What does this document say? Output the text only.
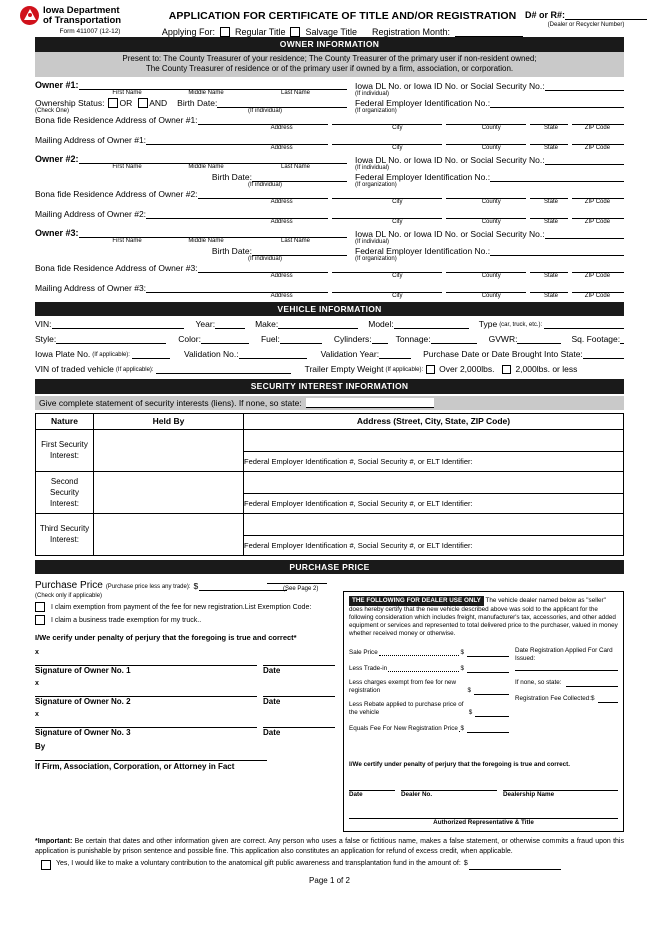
Iowa Department
of Transportation
Form 411007 (12-12)
APPLICATION FOR CERTIFICATE OF TITLE AND/OR REGISTRATION
Applying For: Regular Title Salvage Title Registration Month:
D# or R#:
(Dealer or Recycler Number)
OWNER INFORMATION
Present to: The County Treasurer of your residence; The County Treasurer of the primary user if non-resident owned;
The County Treasurer of residence or of the primary user if owned by a firm, association, or corporation.
Owner #1:
First Name	Middle Name	Last Name
Iowa DL No. or Iowa ID No. or Social Security No.:
(If individual)
Ownership Status: OR AND Birth Date:
(Check One)	(If individual)
Federal Employer Identification No.:
(If organization)
Bona fide Residence Address of Owner #1:
Address	City	County	State	ZIP Code
Mailing Address of Owner #1:
Address	City	County	State	ZIP Code
Owner #2:
First Name	Middle Name	Last Name
Iowa DL No. or Iowa ID No. or Social Security No.:
(If individual)
Birth Date:
(If individual)
Federal Employer Identification No.:
(If organization)
Bona fide Residence Address of Owner #2:
Address	City	County	State	ZIP Code
Mailing Address of Owner #2:
Address	City	County	State	ZIP Code
Owner #3:
First Name	Middle Name	Last Name
Iowa DL No. or Iowa ID No. or Social Security No.:
(If individual)
Birth Date:
(If individual)
Federal Employer Identification No.:
(If organization)
Bona fide Residence Address of Owner #3:
Address	City	County	State	ZIP Code
Mailing Address of Owner #3:
Address	City	County	State	ZIP Code
VEHICLE INFORMATION
VIN:	Year:	Make:	Model:	Type (car, truck, etc.):
Style:	Color:	Fuel:	Cylinders:	Tonnage:	GVWR:	Sq. Footage:
Iowa Plate No. (If applicable):	Validation No.:	Validation Year:	Purchase Date or Date Brought Into State:
VIN of traded vehicle (If applicable):	Trailer Empty Weight (If applicable): Over 2,000lbs. 2,000lbs. or less
SECURITY INTEREST INFORMATION
Give complete statement of security interests (liens). If none, so state:
Nature	Held By	Address (Street, City, State, ZIP Code)
First Security Interest:		
		Federal Employer Identification #, Social Security #, or ELT Identifier:
Second Security Interest:		
		Federal Employer Identification #, Social Security #, or ELT Identifier:
Third Security Interest:		
		Federal Employer Identification #, Social Security #, or ELT Identifier:
PURCHASE PRICE
Purchase Price (Purchase price less any trade): $
(Check only if applicable)
I claim exemption from payment of the fee for new registration.List Exemption Code:
I claim a business trade exemption for my truck..
I/We cerify under penalty of perjury that the foregoing is true and correct*
x
Signature of Owner No. 1	Date
x
Signature of Owner No. 2	Date
x
Signature of Owner No. 3	Date
By
If Firm, Association, Corporation, or Attorney in Fact
(See Page 2)
THE FOLLOWING FOR DEALER USE ONLY The vehicle dealer named below as "seller" does hereby certify that the new vehicle described above was sold to the applicant for the following consideration which includes freight, manufacturer's tax, accessories, and other added equipment or services and represented to total delivered price to the purchaser, valued in money whether received money or otherwise.
Sale Price	$
Less Trade-in	$
Less charges exempt from fee for new registration	$
Less Rebate applied to purchase price of the vehicle	$
Equals Fee For New Registration Price $
Date Registration Applied For Card Issued:
If none, so state:
Registration Fee Collected:$
I/We certify under penalty of perjury that the foregoing is true and correct.
Date	Dealer No.	Dealership Name
Authorized Representative & Title
*Important: Be certain that dates and other information given are correct. Any person who uses a false or fictitious name, makes a false statement, or otherwise commits a fraud upon this application is punishable by prison sentence and possible fine. This application also constitutes an application for refund of excess credit, when applicable.
Yes, I would like to make a voluntary contribution to the anatomical gift public awareness and transplantation fund in the amount of: $
Page 1 of 2
